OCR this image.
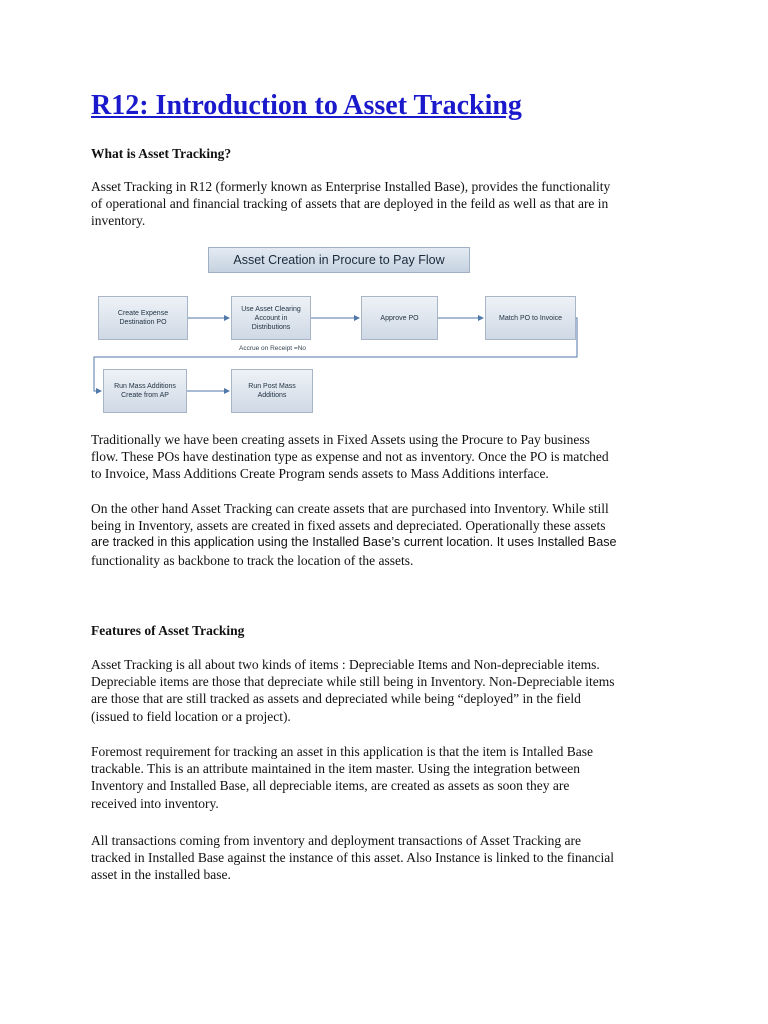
R12: Introduction to Asset Tracking
What is Asset Tracking?
Asset Tracking in R12 (formerly known as Enterprise Installed Base), provides the functionality
of operational and financial tracking of assets that are deployed in the feild as well as that are in
inventory.
Asset Creation in Procure to Pay Flow
Create Expense Destination PO
Use Asset Clearing Account in Distributions
Approve PO	Match PO to Invoice
Run Mass Additions Create from AP
Run Post Mass Additions
Accrue on Receipt =No
Traditionally we have been creating assets in Fixed Assets using the Procure to Pay business
flow. These POs have destination type as expense and not as inventory. Once the PO is matched
to Invoice, Mass Additions Create Program sends assets to Mass Additions interface.
On the other hand Asset Tracking can create assets that are purchased into Inventory. While still
being in Inventory, assets are created in fixed assets and depreciated. Operationally these assets
are tracked in this application using the Installed Base’s current location. It uses Installed Base
functionality as backbone to track the location of the assets.
Features of Asset Tracking
Asset Tracking is all about two kinds of items : Depreciable Items and Non-depreciable items.
Depreciable items are those that depreciate while still being in Inventory. Non-Depreciable items
are those that are still tracked as assets and depreciated while being “deployed” in the field
(issued to field location or a project).
Foremost requirement for tracking an asset in this application is that the item is Intalled Base
trackable. This is an attribute maintained in the item master. Using the integration between
Inventory and Installed Base, all depreciable items, are created as assets as soon they are
received into inventory.
All transactions coming from inventory and deployment transactions of Asset Tracking are
tracked in Installed Base against the instance of this asset. Also Instance is linked to the financial
asset in the installed base.
